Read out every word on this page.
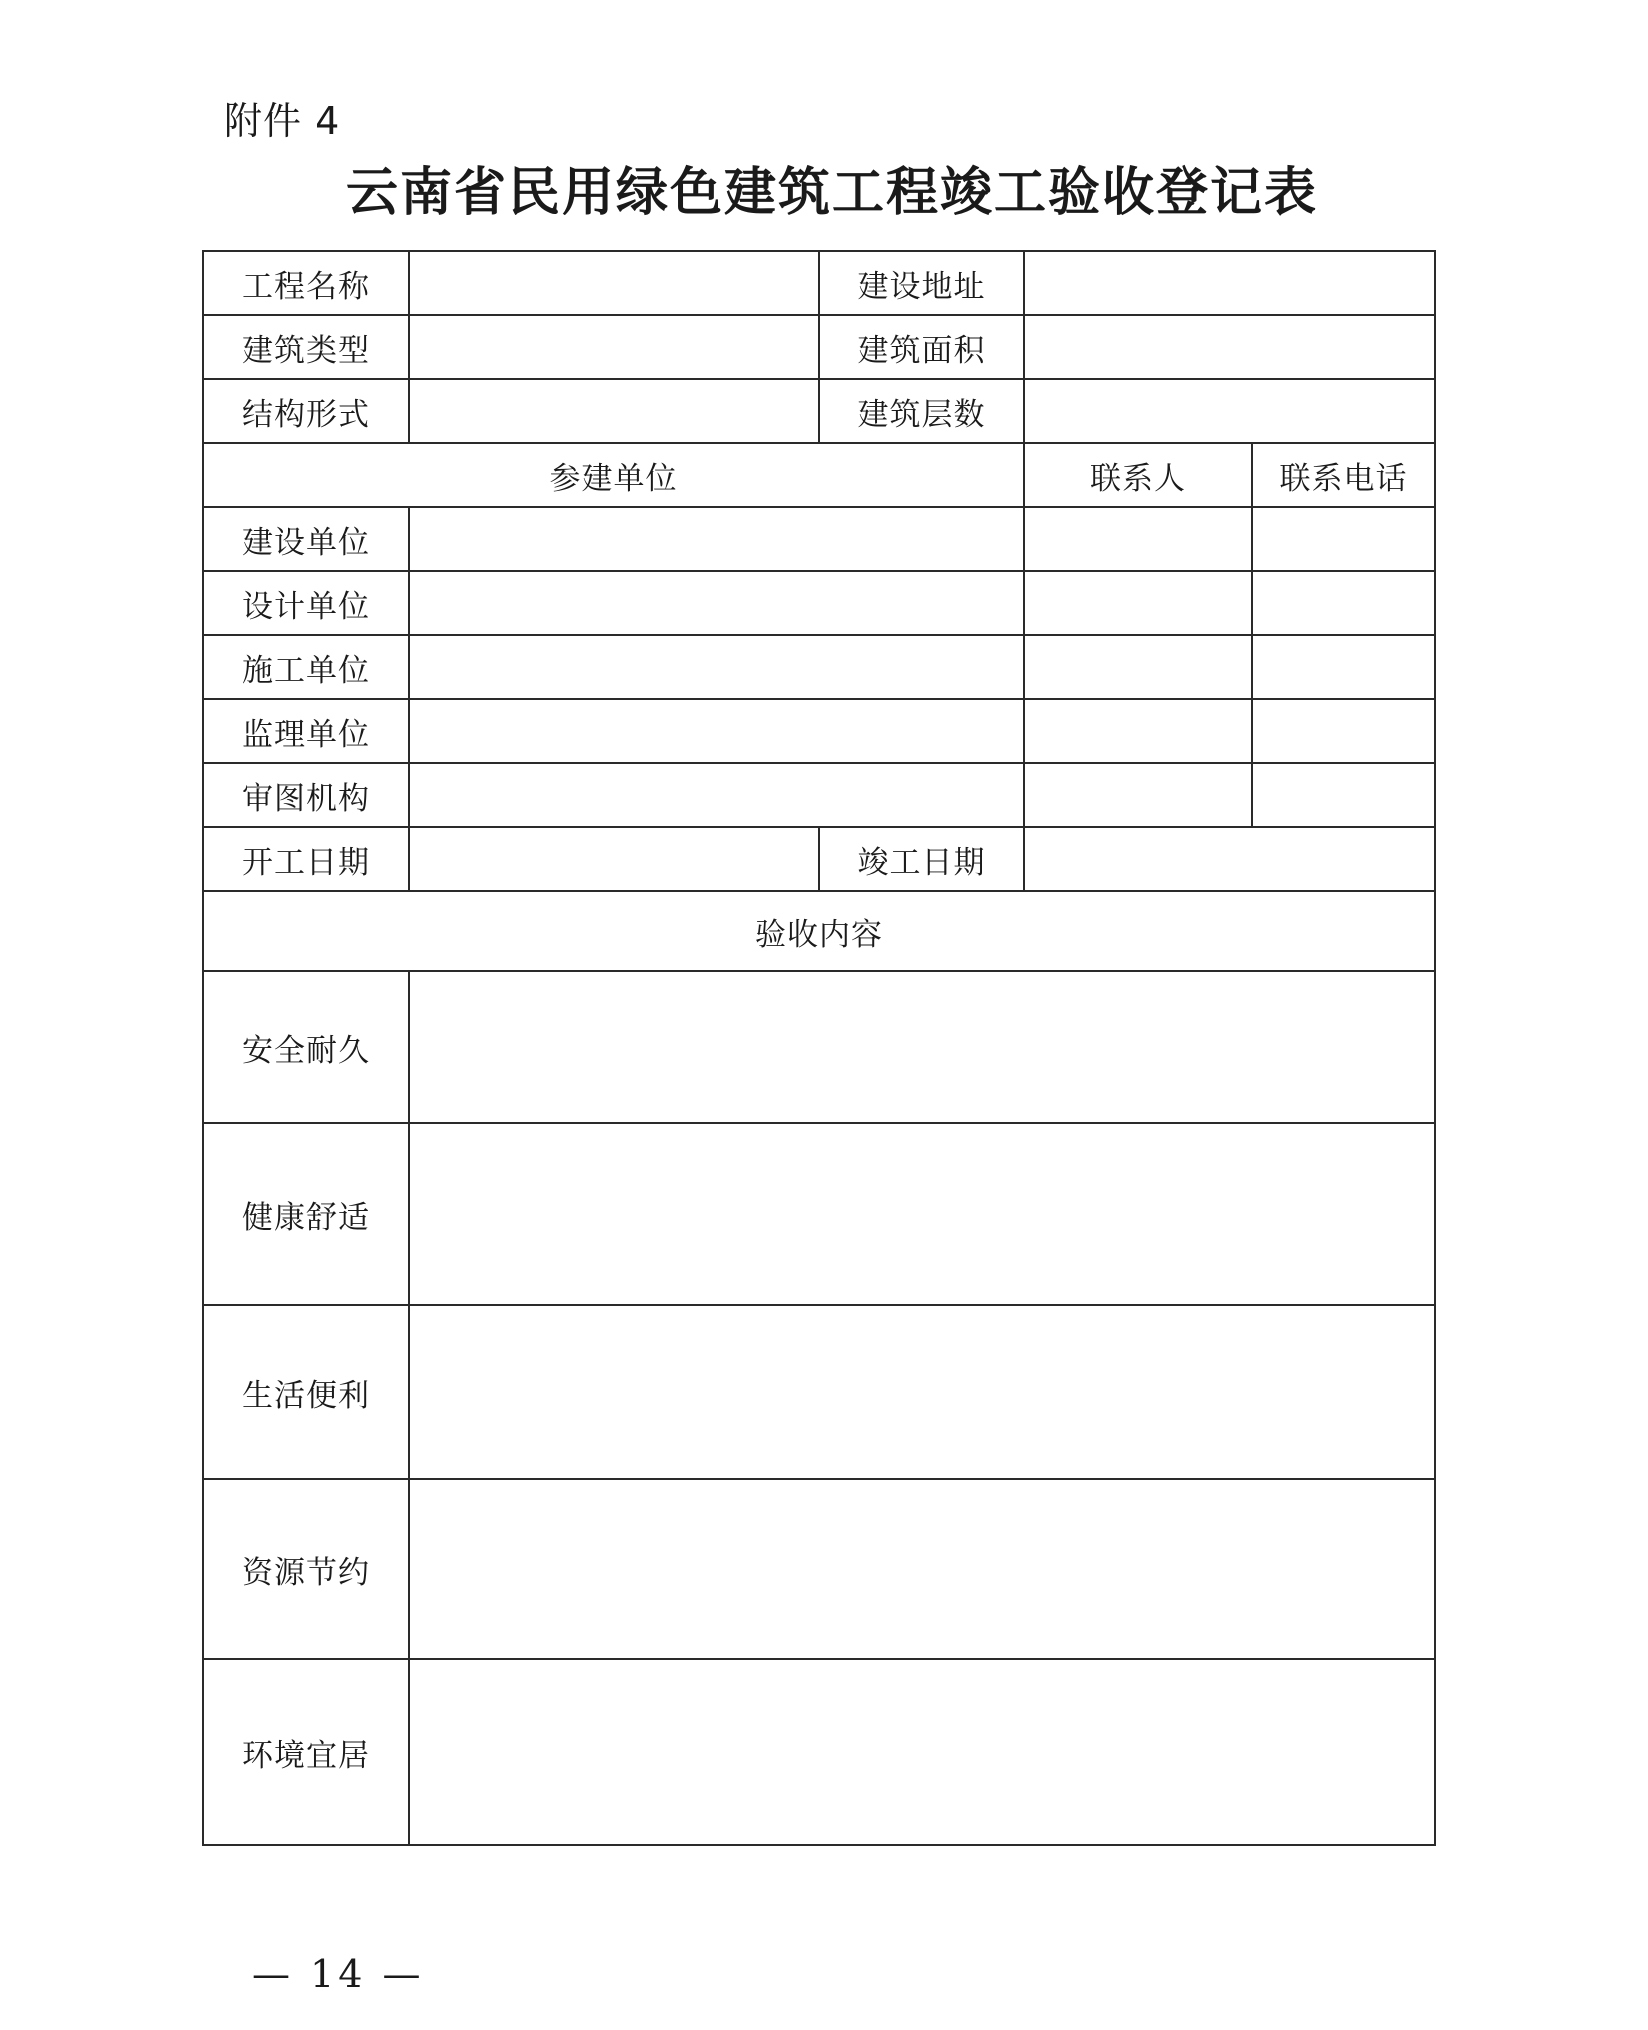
附件 4
云南省民用绿色建筑工程竣工验收登记表
工程名称		建设地址		
建筑类型		建筑面积		
结构形式		建筑层数		
参建单位			联系人	联系电话
建设单位				
设计单位				
施工单位				
监理单位				
审图机构				
开工日期		竣工日期		
验收内容				
安全耐久				
健康舒适				
生活便利				
资源节约				
环境宜居				
— 14 —
